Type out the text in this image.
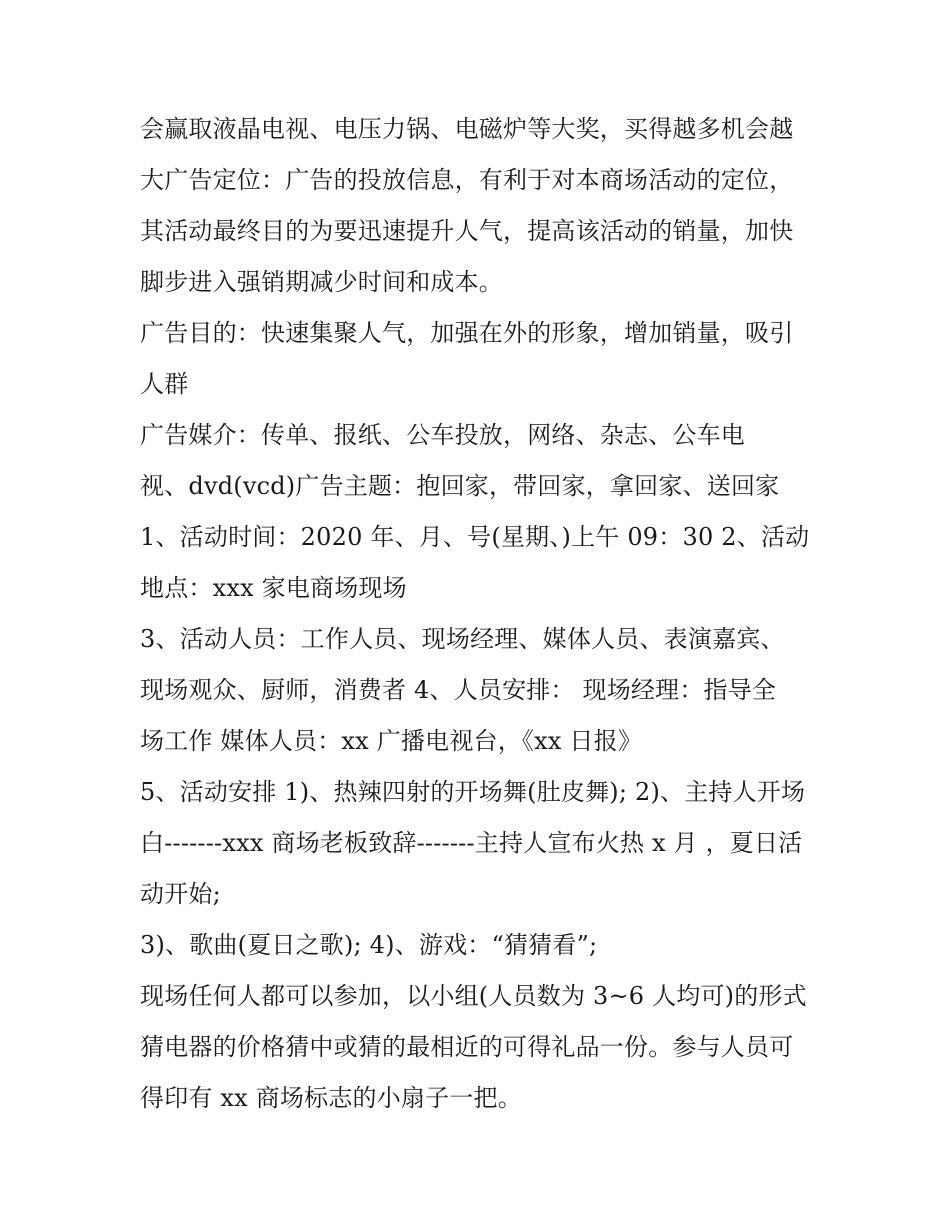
会赢取液晶电视、电压力锅、电磁炉等大奖，买得越多机会越
大广告定位：广告的投放信息，有利于对本商场活动的定位，
其活动最终目的为要迅速提升人气，提高该活动的销量，加快
脚步进入强销期减少时间和成本。
广告目的：快速集聚人气，加强在外的形象，增加销量，吸引
人群
广告媒介：传单、报纸、公车投放，网络、杂志、公车电
视、dvd(vcd)广告主题：抱回家，带回家，拿回家、送回家
1、活动时间：2020 年、月、号(星期、)上午 09：30 2、活动
地点：xxx 家电商场现场
3、活动人员：工作人员、现场经理、媒体人员、表演嘉宾、
现场观众、厨师，消费者 4、人员安排： 现场经理：指导全
场工作 媒体人员：xx 广播电视台，《xx 日报》
5、活动安排 1)、热辣四射的开场舞(肚皮舞); 2)、主持人开场
白-------xxx 商场老板致辞-------主持人宣布火热 x 月 ，夏日活
动开始;
3)、歌曲(夏日之歌); 4)、游戏：“猜猜看”;
现场任何人都可以参加，以小组(人员数为 3~6 人均可)的形式
猜电器的价格猜中或猜的最相近的可得礼品一份。参与人员可
得印有 xx 商场标志的小扇子一把。
